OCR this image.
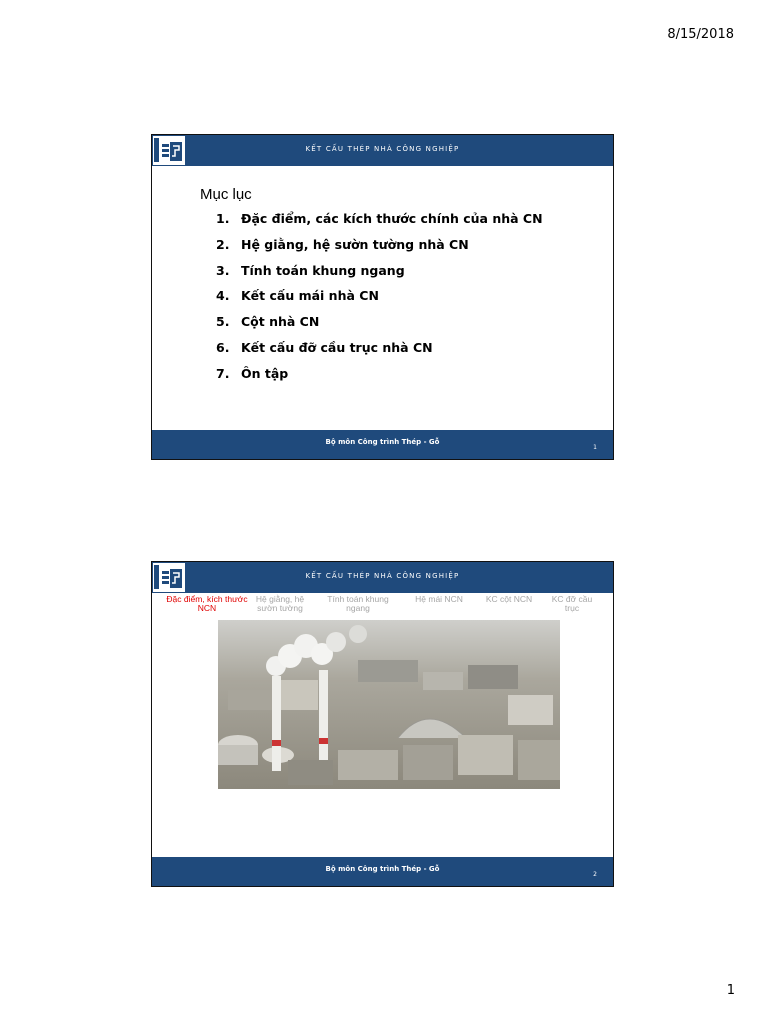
8/15/2018
KẾT CẤU THÉP NHÀ CÔNG NGHIỆP
Mục lục
1. Đặc điểm, các kích thước chính của nhà CN
2. Hệ giằng, hệ sườn tường nhà CN
3. Tính toán khung ngang
4. Kết cấu mái nhà CN
5. Cột nhà CN
6. Kết cấu đỡ cầu trục nhà CN
7. Ôn tập
Bộ môn Công trình Thép - Gỗ
1
KẾT CẤU THÉP NHÀ CÔNG NGHIỆP
Đặc điểm, kích thước NCN
Hệ giằng, hệ sườn tường
Tính toán khung ngang
Hệ mái NCN	KC cột NCN	KC đỡ cầu trục
Bộ môn Công trình Thép - Gỗ
2
1
